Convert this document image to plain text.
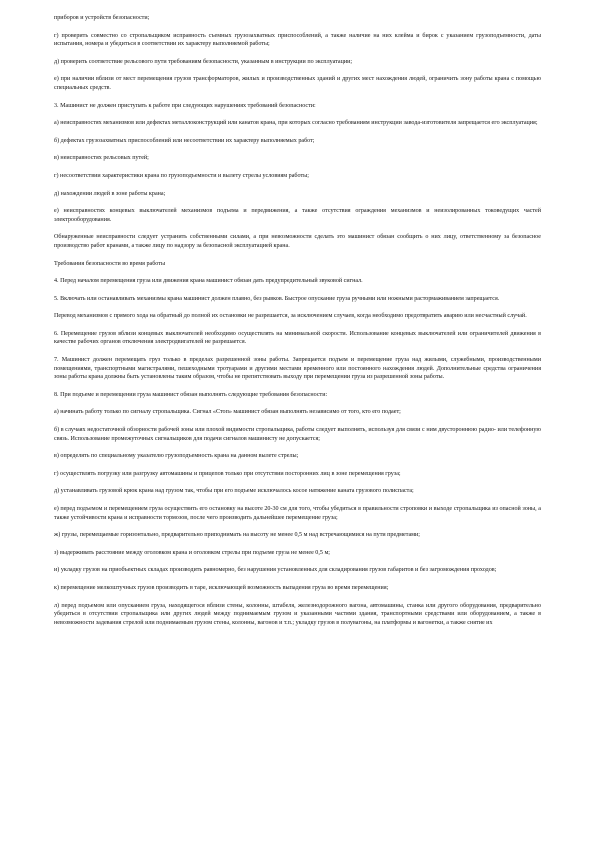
приборов и устройств безопасности;

г) проверить совместно со стропальщиком исправность съемных грузозахватных приспособлений, а также наличие на них клейма и бирок с указанием грузоподъемности, даты испытания, номера и убедиться в соответствии их характеру выполняемой работы;

д) проверить соответствие рельсового пути требованиям безопасности, указанным в инструкции по эксплуатации;

е) при наличии вблизи от мест перемещения грузов трансформаторов, жилых и производственных зданий и других мест нахождения людей, ограничить зону работы крана с помощью специальных средств.

3. Машинист не должен приступать к работе при следующих нарушениях требований безопасности:

а) неисправностях механизмов или дефектах металлоконструкций или канатов крана, при которых согласно требованиям инструкции завода-изготовителя запрещается его эксплуатация;

б) дефектах грузозахватных приспособлений или несоответствии их характеру выполняемых работ;

в) неисправностях рельсовых путей;

г) несоответствии характеристики крана по грузоподъемности и вылету стрелы условиям работы;

д) нахождении людей в зоне работы крана;

е) неисправностях концевых выключателей механизмов подъема и передвижения, а также отсутствия ограждения механизмов и неизолированных токоведущих частей электрооборудования.

Обнаруженные неисправности следует устранить собственными силами, а при невозможности сделать это машинист обязан сообщить о них лицу, ответственному за безопасное производство работ кранами, а также лицу по надзору за безопасной эксплуатацией крана.

Требования безопасности во время работы

4. Перед началом перемещения груза или движения крана машинист обязан дать предупредительный звуковой сигнал.

5. Включать или останавливать механизмы крана машинист должен плавно, без рывков. Быстрое опускание груза ручными или ножными растормаживанием запрещается.

Перевод механизмов с прямого хода на обратный до полной их остановки не разрешается, за исключением случаев, когда необходимо предотвратить аварию или несчастный случай.

6. Перемещение грузов вблизи концевых выключателей необходимо осуществлять на минимальной скорости. Использование концевых выключателей или ограничителей движения в качестве рабочих органов отключения электродвигателей не разрешается.

7. Машинист должен перемещать груз только в пределах разрешенной зоны работы. Запрещается подъем и перемещение груза над жилыми, служебными, производственными помещениями, транспортными магистралями, пешеходными тротуарами и другими местами временного или постоянного нахождения людей. Дополнительные средства ограничения зоны работы крана должны быть установлены таким образом, чтобы не препятствовать выходу при перемещении груза из разрешенной зоны работы.

8. При подъеме и перемещении груза машинист обязан выполнять следующие требования безопасности:

а) начинать работу только по сигналу стропальщика. Сигнал «Стоп» машинист обязан выполнять независимо от того, кто его подает;

б) в случаях недостаточной обзорности рабочей зоны или плохой видимости стропальщика, работы следует выполнять, используя для связи с ним двустороннюю радио- или телефонную связь. Использование промежуточных сигнальщиков для подачи сигналов машинисту не допускается;

в) определять по специальному указателю грузоподъемность крана на данном вылете стрелы;

г) осуществлять погрузку или разгрузку автомашины и прицепов только при отсутствии посторонних лиц в зоне перемещения груза;

д) устанавливать грузовой крюк крана над грузом так, чтобы при его подъеме исключалось косое натяжение каната грузового полиспаста;

е) перед подъемом и перемещением груза осуществить его остановку на высоте 20-30 см для того, чтобы убедиться в правильности строповки и выходе стропальщика из опасной зоны, а также устойчивости крана и исправности тормозов, после чего производить дальнейшее перемещение груза;

ж) грузы, перемещаемые горизонтально, предварительно приподнимать на высоту не менее 0,5 м над встречающимися на пути предметами;

з) выдерживать расстояние между оголовком крана и оголовком стрелы при подъеме груза не менее 0,5 м;

и) укладку грузов на приобъектных складах производить равномерно, без нарушения установленных для складирования грузов габаритов и без загромождения проходов;

к) перемещение мелкоштучных грузов производить в таре, исключающей возможность выпадения груза во время перемещения;

л) перед подъемом или опусканием груза, находящегося вблизи стены, колонны, штабеля, железнодорожного вагона, автомашины, станка или другого оборудования, предварительно убедиться в отсутствии стропальщика или других людей между поднимаемым грузом и указанными частями здания, транспортными средствами или оборудованием, а также в невозможности задевания стрелой или поднимаемым грузом стены, колонны, вагонов и т.п.; укладку грузов в полувагоны, на платформы и вагонетки, а также снятие их
